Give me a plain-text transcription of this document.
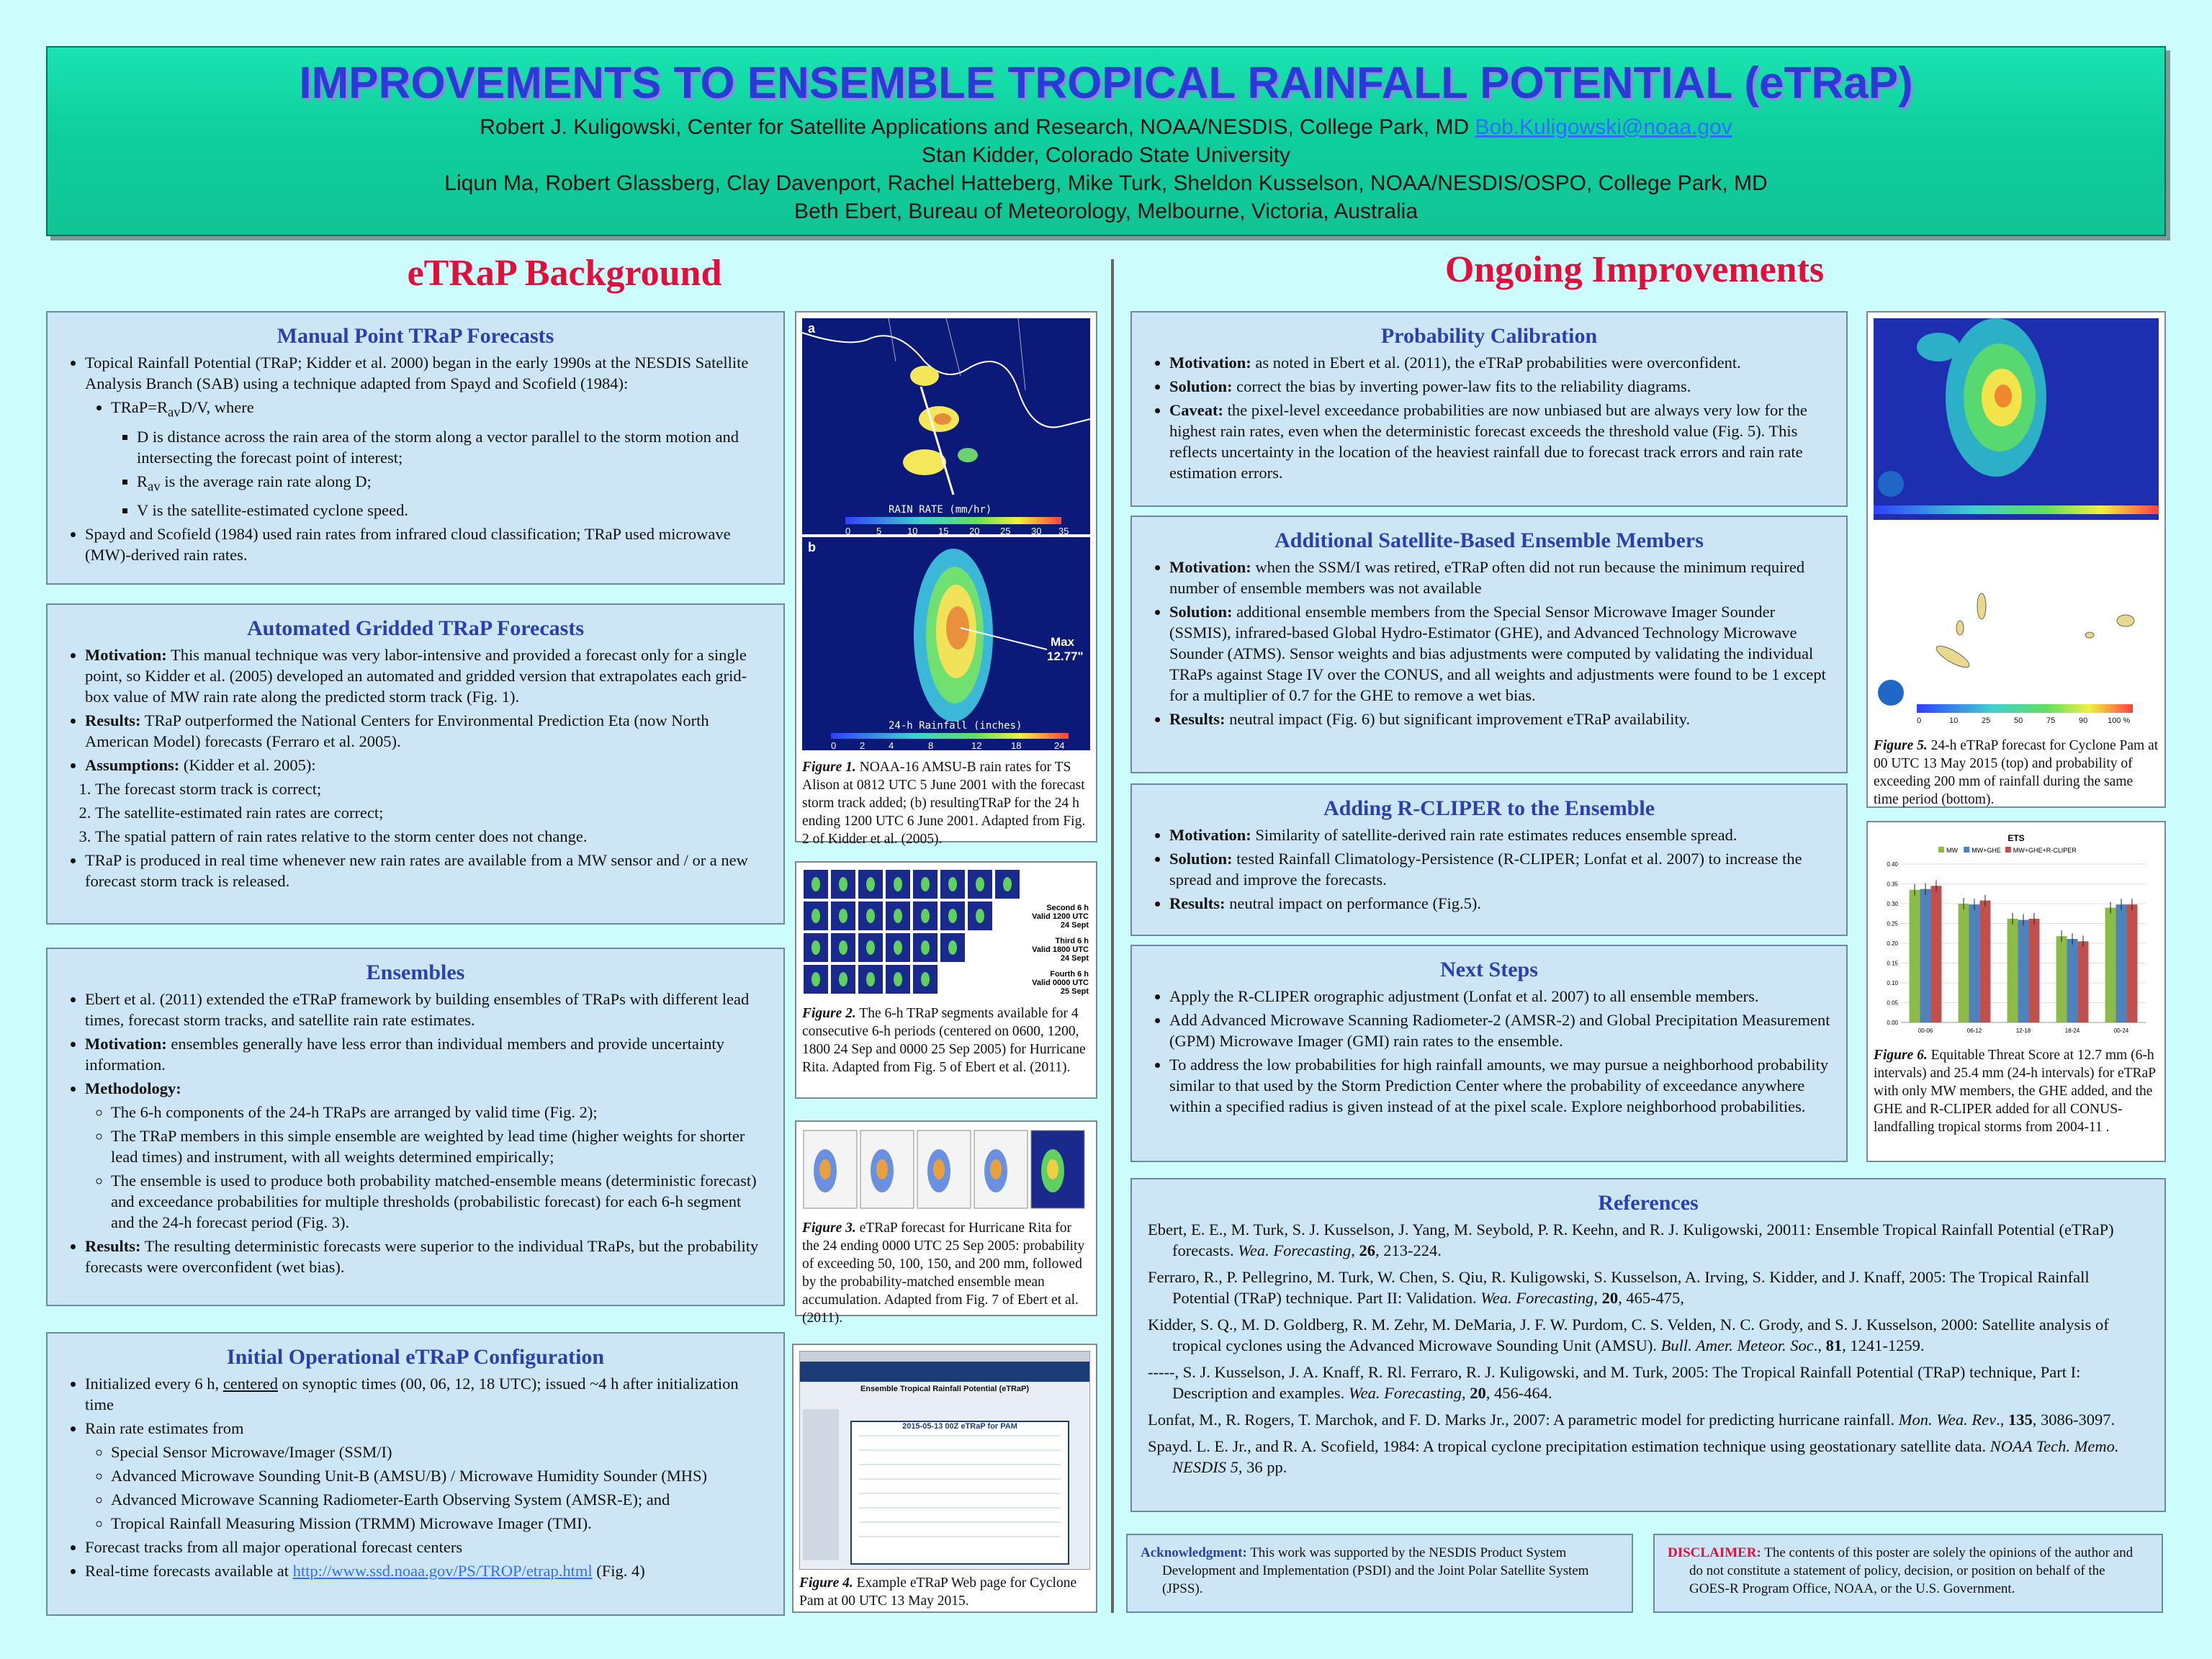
IMPROVEMENTS TO ENSEMBLE TROPICAL RAINFALL POTENTIAL (eTRaP)
Robert J. Kuligowski, Center for Satellite Applications and Research, NOAA/NESDIS, College Park, MD Bob.Kuligowski@noaa.gov
Stan Kidder, Colorado State University
Liqun Ma, Robert Glassberg, Clay Davenport, Rachel Hatteberg, Mike Turk, Sheldon Kusselson, NOAA/NESDIS/OSPO, College Park, MD
Beth Ebert, Bureau of Meteorology, Melbourne, Victoria, Australia
eTRaP Background	Ongoing Improvements
Manual Point TRaP Forecasts
• Topical Rainfall Potential (TRaP; Kidder et al. 2000) began in the early 1990s at the NESDIS Satellite Analysis Branch (SAB) using a technique adapted from Spayd and Scofield (1984):
• $TRaP=R_{av}D/V$, where
▪ D is distance across the rain area of the storm along a vector parallel to the storm motion and intersecting the forecast point of interest;
▪ $R_{av}$ is the average rain rate along D;
▪ V is the satellite-estimated cyclone speed.
• Spayd and Scofield (1984) used rain rates from infrared cloud classification; TRaP used microwave (MW)-derived rain rates.
Automated Gridded TRaP Forecasts
• Motivation: This manual technique was very labor-intensive and provided a forecast only for a single point, so Kidder et al. (2005) developed an automated and gridded version that extrapolates each grid-box value of MW rain rate along the predicted storm track (Fig. 1).
• Results: TRaP outperformed the National Centers for Environmental Prediction Eta (now North American Model) forecasts (Ferraro et al. 2005).
• Assumptions: (Kidder et al. 2005):
1. The forecast storm track is correct;
2. The satellite-estimated rain rates are correct;
3. The spatial pattern of rain rates relative to the storm center does not change.
• TRaP is produced in real time whenever new rain rates are available from a MW sensor and / or a new forecast storm track is released.
Ensembles
• Ebert et al. (2011) extended the eTRaP framework by building ensembles of TRaPs with different lead times, forecast storm tracks, and satellite rain rate estimates.
• Motivation: ensembles generally have less error than individual members and provide uncertainty information.
• Methodology:
◦ The 6-h components of the 24-h TRaPs are arranged by valid time (Fig. 2);
◦ The TRaP members in this simple ensemble are weighted by lead time (higher weights for shorter lead times) and instrument, with all weights determined empirically;
◦ The ensemble is used to produce both probability matched-ensemble means (deterministic forecast) and exceedance probabilities for multiple thresholds (probabilistic forecast) for each 6-h segment and the 24-h forecast period (Fig. 3).
• Results: The resulting deterministic forecasts were superior to the individual TRaPs, but the probability forecasts were overconfident (wet bias).
Initial Operational eTRaP Configuration
• Initialized every 6 h, centered on synoptic times (00, 06, 12, 18 UTC); issued ~4 h after initialization time
• Rain rate estimates from
◦ Special Sensor Microwave/Imager (SSM/I)
◦ Advanced Microwave Sounding Unit-B (AMSU/B) / Microwave Humidity Sounder (MHS)
◦ Advanced Microwave Scanning Radiometer-Earth Observing System (AMSR-E); and
◦ Tropical Rainfall Measuring Mission (TRMM) Microwave Imager (TMI).
• Forecast tracks from all major operational forecast centers
• Real-time forecasts available at http://www.ssd.noaa.gov/PS/TROP/etrap.html (Fig. 4)
a
RAIN RATE (mm/hr)
0	5	10 15 20 25 30 35
b
Max
12.77"
24-h Rainfall (inches)
0	2	4	8	12	18	24
Figure 1. NOAA-16 AMSU-B rain rates for TS Alison at 0812 UTC 5 June 2001 with the forecast storm track added; (b) resultingTRaP for the 24 h ending 1200 UTC 6 June 2001. Adapted from Fig. 2 of Kidder et al. (2005).
Second 6 h
Valid 1200 UTC
24 Sept
Third 6 h
Valid 1800 UTC
24 Sept
Fourth 6 h
Valid 0000 UTC
25 Sept
Figure 2. The 6-h TRaP segments available for 4 consecutive 6-h periods (centered on 0600, 1200, 1800 24 Sep and 0000 25 Sep 2005) for Hurricane Rita. Adapted from Fig. 5 of Ebert et al. (2011).
Figure 3. eTRaP forecast for Hurricane Rita for the 24 ending 0000 UTC 25 Sep 2005: probability of exceeding 50, 100, 150, and 200 mm, followed by the probability-matched ensemble mean accumulation. Adapted from Fig. 7 of Ebert et al. (2011).
Ensemble Tropical Rainfall Potential (eTRaP)
2015-05-13 00Z eTRaP for PAM
Figure 4. Example eTRaP Web page for Cyclone Pam at 00 UTC 13 May 2015.
Probability Calibration
• Motivation: as noted in Ebert et al. (2011), the eTRaP probabilities were overconfident.
• Solution: correct the bias by inverting power-law fits to the reliability diagrams.
• Caveat: the pixel-level exceedance probabilities are now unbiased but are always very low for the highest rain rates, even when the deterministic forecast exceeds the threshold value (Fig. 5). This reflects uncertainty in the location of the heaviest rainfall due to forecast track errors and rain rate estimation errors.
Additional Satellite-Based Ensemble Members
• Motivation: when the SSM/I was retired, eTRaP often did not run because the minimum required number of ensemble members was not available
• Solution: additional ensemble members from the Special Sensor Microwave Imager Sounder (SSMIS), infrared-based Global Hydro-Estimator (GHE), and Advanced Technology Microwave Sounder (ATMS). Sensor weights and bias adjustments were computed by validating the individual TRaPs against Stage IV over the CONUS, and all weights and adjustments were found to be 1 except for a multiplier of 0.7 for the GHE to remove a wet bias.
• Results: neutral impact (Fig. 6) but significant improvement eTRaP availability.
Adding R-CLIPER to the Ensemble
• Motivation: Similarity of satellite-derived rain rate estimates reduces ensemble spread.
• Solution: tested Rainfall Climatology-Persistence (R-CLIPER; Lonfat et al. 2007) to increase the spread and improve the forecasts.
• Results: neutral impact on performance (Fig.5).
Next Steps
• Apply the R-CLIPER orographic adjustment (Lonfat et al. 2007) to all ensemble members.
• Add Advanced Microwave Scanning Radiometer-2 (AMSR-2) and Global Precipitation Measurement (GPM) Microwave Imager (GMI) rain rates to the ensemble.
• To address the low probabilities for high rainfall amounts, we may pursue a neighborhood probability similar to that used by the Storm Prediction Center where the probability of exceedance anywhere within a specified radius is given instead of at the pixel scale. Explore neighborhood probabilities.
0	10	25	50	75	90	100 %
Figure 5. 24-h eTRaP forecast for Cyclone Pam at 00 UTC 13 May 2015 (top) and probability of exceeding 200 mm of rainfall during the same time period (bottom).
ETS
MW MW+GHE MW+GHE+R-CLIPER
0.00
0.05
0.10
0.15
0.20
0.25
0.30
0.35
0.40
00-06	06-12	12-18	18-24	00-24
Figure 6. Equitable Threat Score at 12.7 mm (6-h intervals) and 25.4 mm (24-h intervals) for eTRaP with only MW members, the GHE added, and the GHE and R-CLIPER added for all CONUS-landfalling tropical storms from 2004-11 .
References

Ebert, E. E., M. Turk, S. J. Kusselson, J. Yang, M. Seybold, P. R. Keehn, and R. J. Kuligowski, 20011: Ensemble Tropical Rainfall Potential (eTRaP) forecasts. Wea. Forecasting, 26, 213-224.

Ferraro, R., P. Pellegrino, M. Turk, W. Chen, S. Qiu, R. Kuligowski, S. Kusselson, A. Irving, S. Kidder, and J. Knaff, 2005: The Tropical Rainfall Potential (TRaP) technique. Part II: Validation. Wea. Forecasting, 20, 465-475,

Kidder, S. Q., M. D. Goldberg, R. M. Zehr, M. DeMaria, J. F. W. Purdom, C. S. Velden, N. C. Grody, and S. J. Kusselson, 2000: Satellite analysis of tropical cyclones using the Advanced Microwave Sounding Unit (AMSU). Bull. Amer. Meteor. Soc., 81, 1241-1259.

-----, S. J. Kusselson, J. A. Knaff, R. Rl. Ferraro, R. J. Kuligowski, and M. Turk, 2005: The Tropical Rainfall Potential (TRaP) technique, Part I: Description and examples. Wea. Forecasting, 20, 456-464.

Lonfat, M., R. Rogers, T. Marchok, and F. D. Marks Jr., 2007: A parametric model for predicting hurricane rainfall. Mon. Wea. Rev., 135, 3086-3097.

Spayd. L. E. Jr., and R. A. Scofield, 1984: A tropical cyclone precipitation estimation technique using geostationary satellite data. NOAA Tech. Memo. NESDIS 5, 36 pp.

Acknowledgment: This work was supported by the NESDIS Product System Development and Implementation (PSDI) and the Joint Polar Satellite System (JPSS).
DISCLAIMER: The contents of this poster are solely the opinions of the author and do not constitute a statement of policy, decision, or position on behalf of the GOES-R Program Office, NOAA, or the U.S. Government.
